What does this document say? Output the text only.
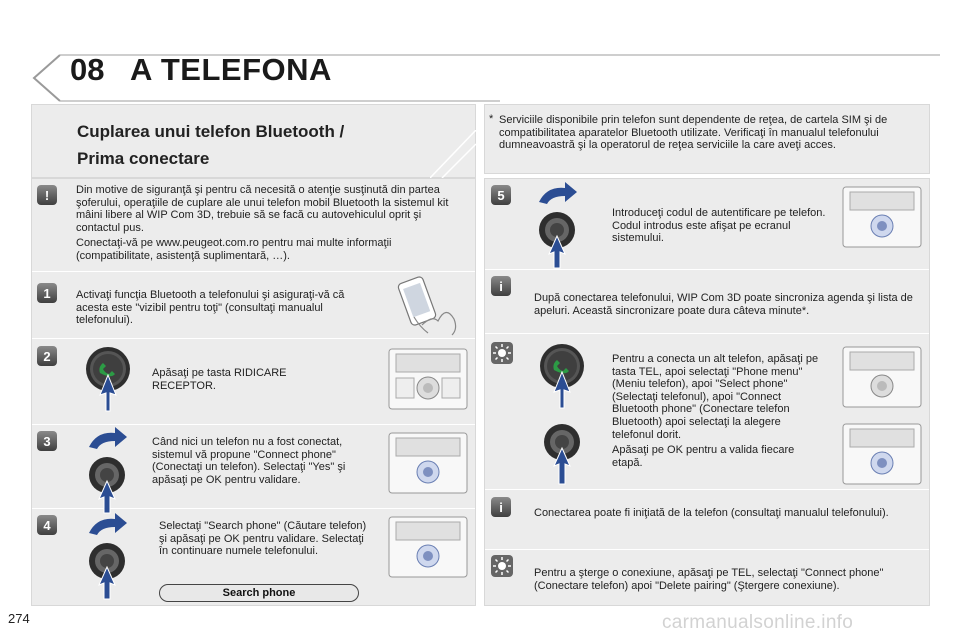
08 A TELEFONA
Cuplarea unui telefon Bluetooth /
Prima conectare
!
1
2
3
4
Din motive de siguranţă şi pentru că necesită o atenţie susţinută din partea şoferului, operaţiile de cuplare ale unui telefon mobil Bluetooth la sistemul kit mâini libere al WIP Com 3D, trebuie să se facă cu autovehiculul oprit şi contactul pus.
Conectaţi-vă pe www.peugeot.com.ro pentru mai multe informaţii (compatibilitate, asistenţă suplimentară, …).
Activaţi funcţia Bluetooth a telefonului şi asiguraţi-vă că acesta este "vizibil pentru toţi" (consultaţi manualul telefonului).
Apăsaţi pe tasta RIDICARE RECEPTOR.
Când nici un telefon nu a fost conectat, sistemul vă propune "Connect phone" (Conectaţi un telefon). Selectaţi "Yes" şi apăsaţi pe OK pentru validare.
Selectaţi "Search phone" (Căutare telefon) şi apăsaţi pe OK pentru validare. Selectaţi în continuare numele telefonului.
Search phone
* Serviciile disponibile prin telefon sunt dependente de reţea, de cartela SIM şi de compatibilitatea aparatelor Bluetooth utilizate. Verificaţi în manualul telefonului dumneavoastră şi la operatorul de reţea serviciile la care aveţi acces.
5
i
i
Introduceţi codul de autentificare pe telefon. Codul introdus este afişat pe ecranul sistemului.
După conectarea telefonului, WIP Com 3D poate sincroniza agenda şi lista de apeluri. Această sincronizare poate dura câteva minute*.
Pentru a conecta un alt telefon, apăsaţi pe tasta TEL, apoi selectaţi "Phone menu" (Meniu telefon), apoi "Select phone" (Selectaţi telefonul), apoi "Connect Bluetooth phone" (Conectare telefon Bluetooth) apoi selectaţi la alegere telefonul dorit.
Apăsaţi pe OK pentru a valida fiecare etapă.
Conectarea poate fi iniţiată de la telefon (consultaţi manualul telefonului).
Pentru a şterge o conexiune, apăsaţi pe TEL, selectaţi "Connect phone" (Conectare telefon) apoi "Delete pairing" (Ştergere conexiune).
274	carmanualsonline.info
